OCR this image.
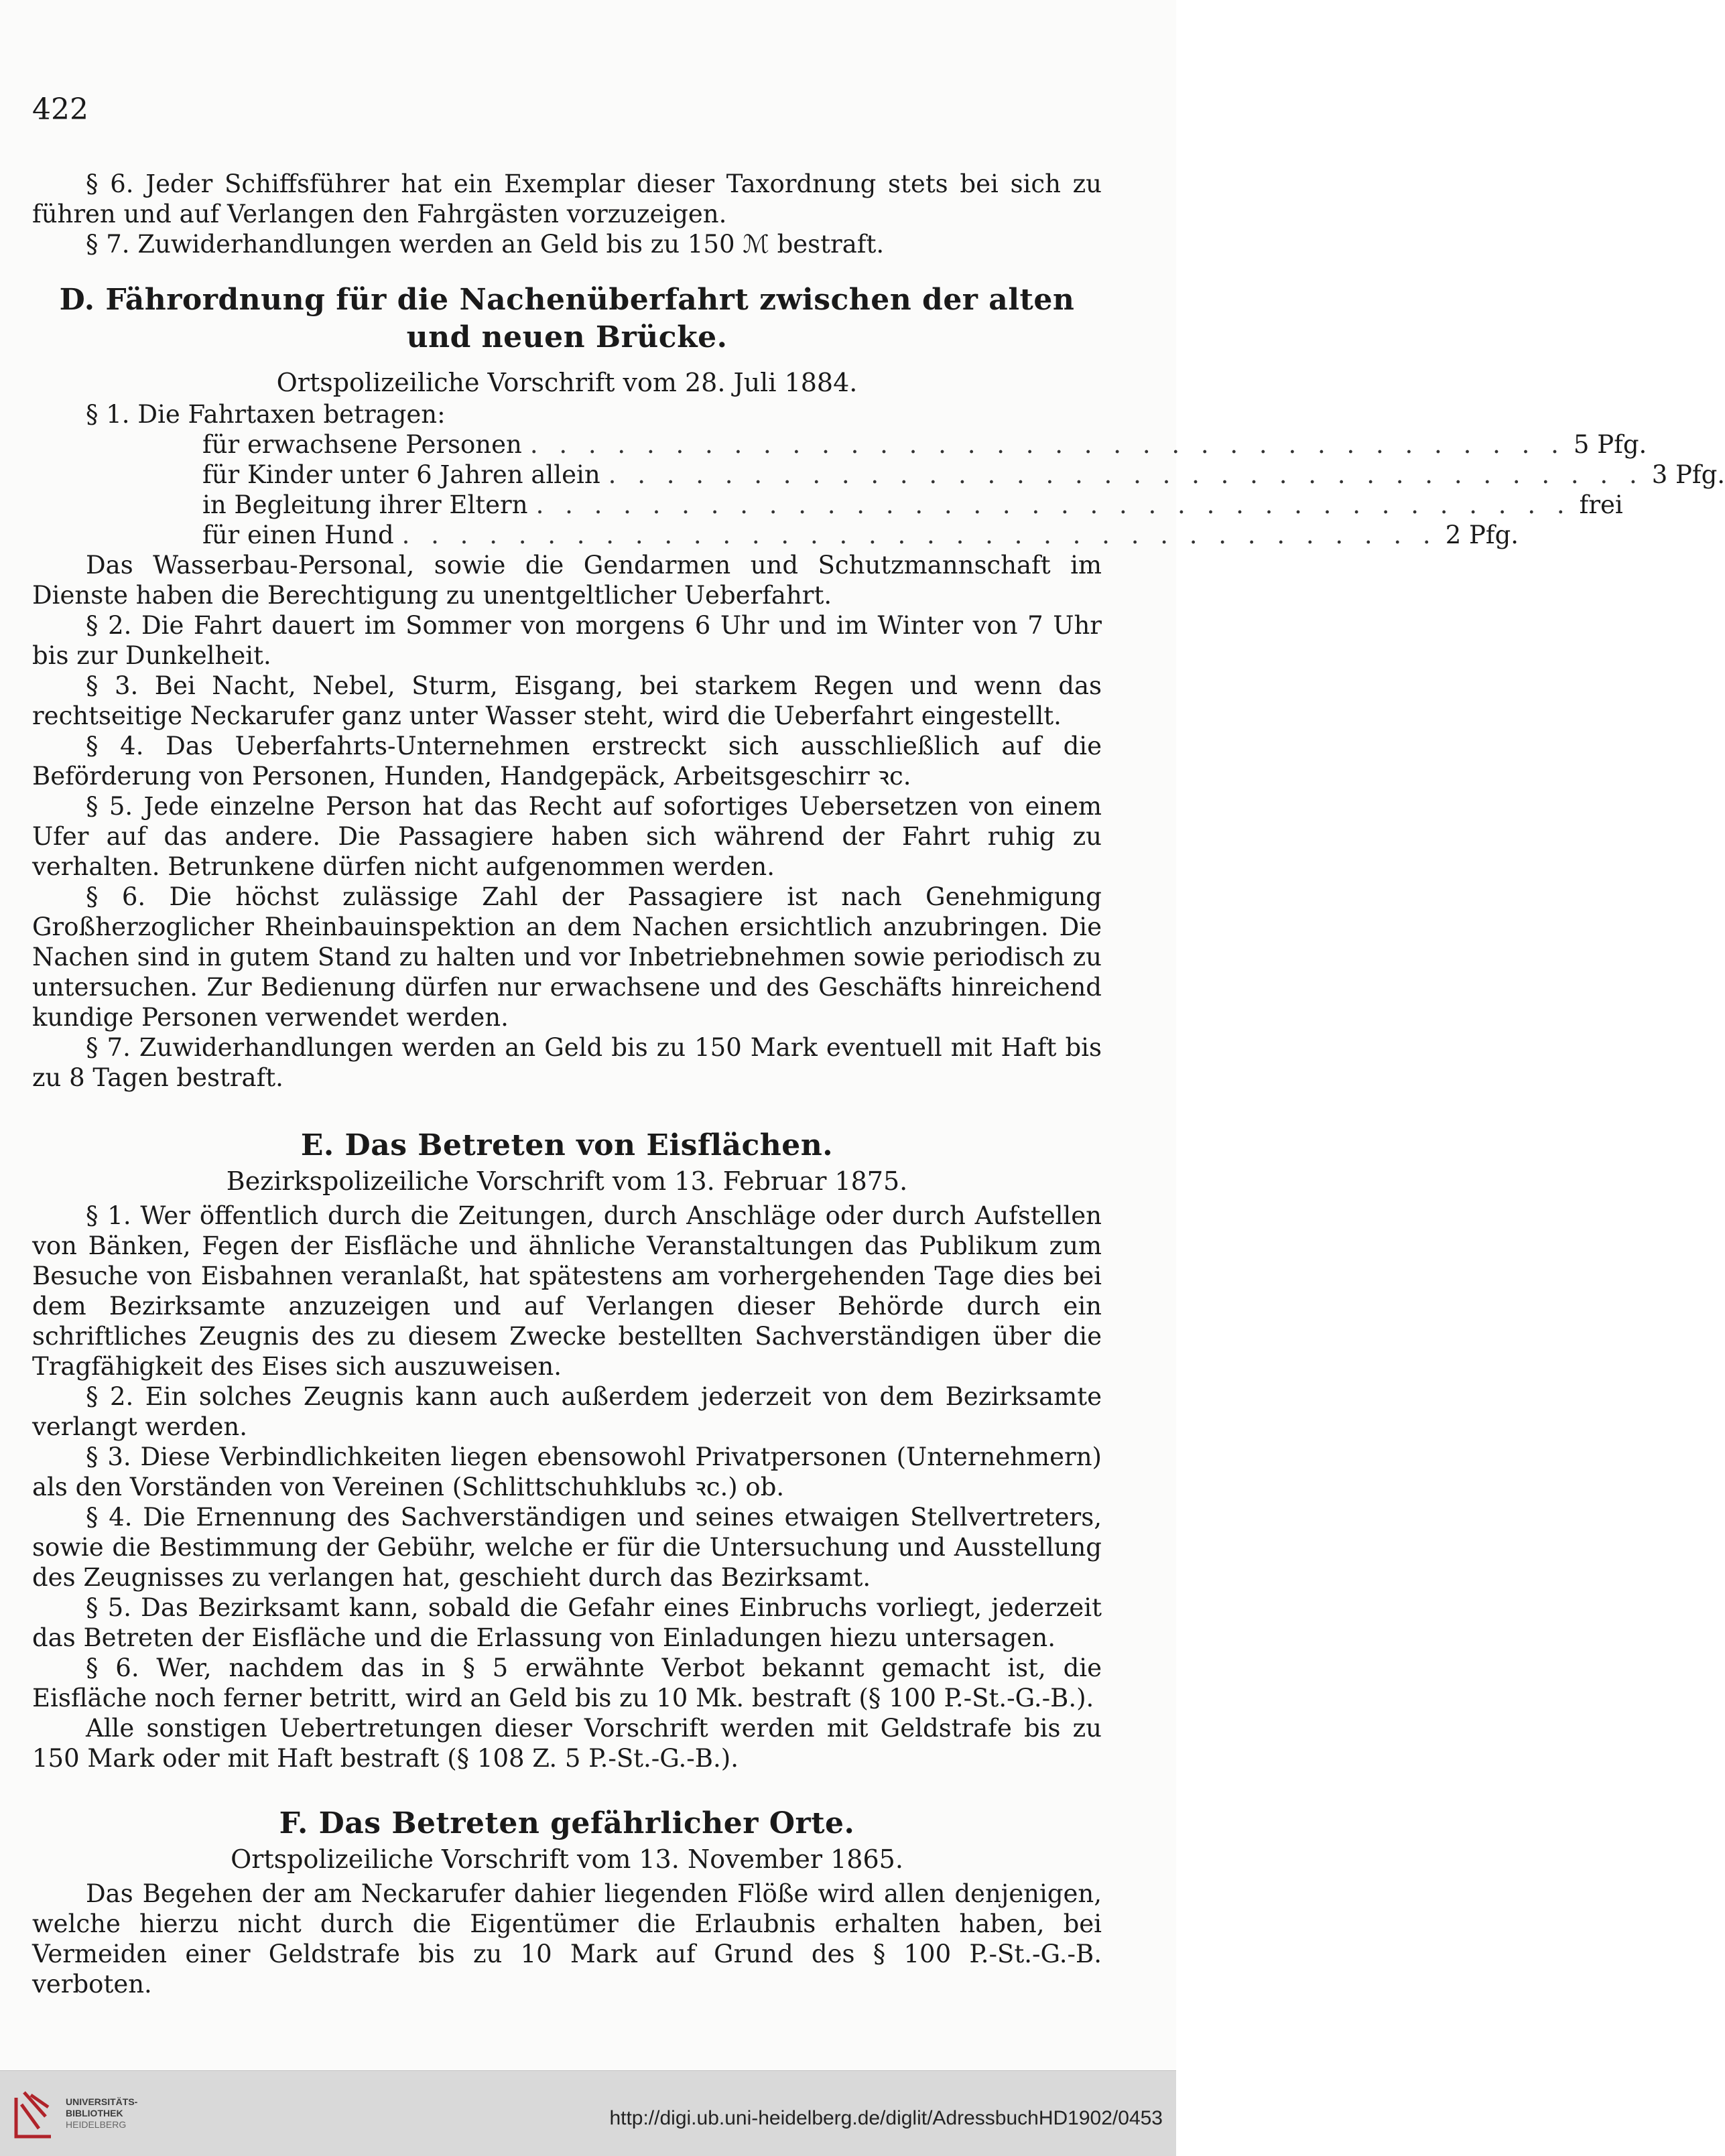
422

§ 6. Jeder Schiffsführer hat ein Exemplar dieser Taxordnung stets bei sich zu führen und auf Verlangen den Fahrgästen vorzuzeigen.

§ 7. Zuwiderhandlungen werden an Geld bis zu 150 ℳ bestraft.

D. Fährordnung für die Nachenüberfahrt zwischen der alten und neuen Brücke.
Ortspolizeiliche Vorschrift vom 28. Juli 1884.

§ 1. Die Fahrtaxen betragen:

für erwachsene Personen . . . . . . . . . . . . . . . . . . . . . . . . . . . . . . . . . . . . 5 Pfg.
für Kinder unter 6 Jahren allein . . . . . . . . . . . . . . . . . . . . . . . . . . . . . . . . . . . . 3 Pfg.
in Begleitung ihrer Eltern . . . . . . . . . . . . . . . . . . . . . . . . . . . . . . . . . . . . frei
für einen Hund . . . . . . . . . . . . . . . . . . . . . . . . . . . . . . . . . . . . 2 Pfg.

Das Wasserbau-Personal, sowie die Gendarmen und Schutzmannschaft im Dienste haben die Berechtigung zu unentgeltlicher Ueberfahrt.

§ 2. Die Fahrt dauert im Sommer von morgens 6 Uhr und im Winter von 7 Uhr bis zur Dunkelheit.

§ 3. Bei Nacht, Nebel, Sturm, Eisgang, bei starkem Regen und wenn das rechtseitige Neckarufer ganz unter Wasser steht, wird die Ueberfahrt eingestellt.

§ 4. Das Ueberfahrts-Unternehmen erstreckt sich ausschließlich auf die Beförderung von Personen, Hunden, Handgepäck, Arbeitsgeschirr ꝛc.

§ 5. Jede einzelne Person hat das Recht auf sofortiges Uebersetzen von einem Ufer auf das andere. Die Passagiere haben sich während der Fahrt ruhig zu verhalten. Betrunkene dürfen nicht aufgenommen werden.

§ 6. Die höchst zulässige Zahl der Passagiere ist nach Genehmigung Großherzoglicher Rheinbauinspektion an dem Nachen ersichtlich anzubringen. Die Nachen sind in gutem Stand zu halten und vor Inbetriebnehmen sowie periodisch zu untersuchen. Zur Bedienung dürfen nur erwachsene und des Geschäfts hinreichend kundige Personen verwendet werden.

§ 7. Zuwiderhandlungen werden an Geld bis zu 150 Mark eventuell mit Haft bis zu 8 Tagen bestraft.

E. Das Betreten von Eisflächen.
Bezirkspolizeiliche Vorschrift vom 13. Februar 1875.

§ 1. Wer öffentlich durch die Zeitungen, durch Anschläge oder durch Aufstellen von Bänken, Fegen der Eisfläche und ähnliche Veranstaltungen das Publikum zum Besuche von Eisbahnen veranlaßt, hat spätestens am vorhergehenden Tage dies bei dem Bezirksamte anzuzeigen und auf Verlangen dieser Behörde durch ein schriftliches Zeugnis des zu diesem Zwecke bestellten Sachverständigen über die Tragfähigkeit des Eises sich auszuweisen.

§ 2. Ein solches Zeugnis kann auch außerdem jederzeit von dem Bezirksamte verlangt werden.

§ 3. Diese Verbindlichkeiten liegen ebensowohl Privatpersonen (Unternehmern) als den Vorständen von Vereinen (Schlittschuhklubs ꝛc.) ob.

§ 4. Die Ernennung des Sachverständigen und seines etwaigen Stellvertreters, sowie die Bestimmung der Gebühr, welche er für die Untersuchung und Ausstellung des Zeugnisses zu verlangen hat, geschieht durch das Bezirksamt.

§ 5. Das Bezirksamt kann, sobald die Gefahr eines Einbruchs vorliegt, jederzeit das Betreten der Eisfläche und die Erlassung von Einladungen hiezu untersagen.

§ 6. Wer, nachdem das in § 5 erwähnte Verbot bekannt gemacht ist, die Eisfläche noch ferner betritt, wird an Geld bis zu 10 Mk. bestraft (§ 100 P.-St.-G.-B.).

Alle sonstigen Uebertretungen dieser Vorschrift werden mit Geldstrafe bis zu 150 Mark oder mit Haft bestraft (§ 108 Z. 5 P.-St.-G.-B.).

F. Das Betreten gefährlicher Orte.
Ortspolizeiliche Vorschrift vom 13. November 1865.

Das Begehen der am Neckarufer dahier liegenden Flöße wird allen denjenigen, welche hierzu nicht durch die Eigentümer die Erlaubnis erhalten haben, bei Vermeiden einer Geldstrafe bis zu 10 Mark auf Grund des § 100 P.-St.-G.-B. verboten.

UNIVERSITÄTS-
BIBLIOTHEK
HEIDELBERG	http://digi.ub.uni-heidelberg.de/diglit/AdressbuchHD1902/0453
